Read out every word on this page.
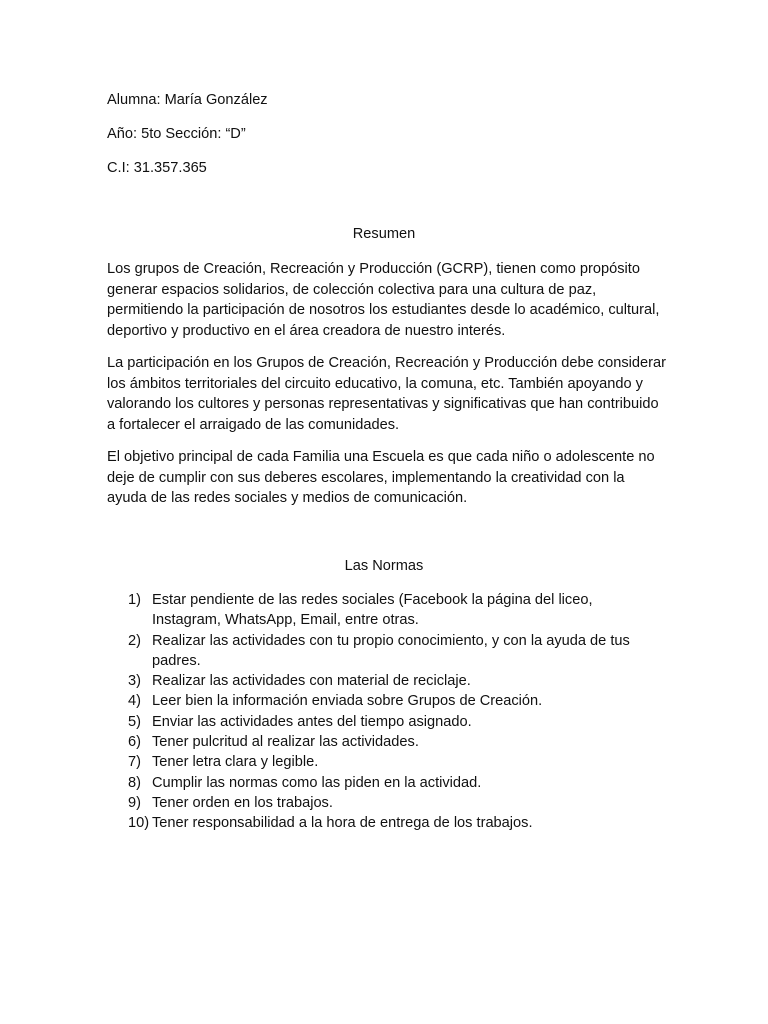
Alumna: María González
Año: 5to Sección: “D”
C.I: 31.357.365
Resumen
Los grupos de Creación, Recreación y Producción (GCRP), tienen como propósito generar espacios solidarios, de colección colectiva para una cultura de paz, permitiendo la participación de nosotros los estudiantes desde lo académico, cultural, deportivo y productivo en el área creadora de nuestro interés.
La participación en los Grupos de Creación, Recreación y Producción debe considerar los ámbitos territoriales del circuito educativo, la comuna, etc. También apoyando y valorando los cultores y personas representativas y significativas que han contribuido a fortalecer el arraigado de las comunidades.
El objetivo principal de cada Familia una Escuela es que cada niño o adolescente no deje de cumplir con sus deberes escolares, implementando la creatividad con la ayuda de las redes sociales y medios de comunicación.
Las Normas
1) Estar pendiente de las redes sociales (Facebook la página del liceo, Instagram, WhatsApp, Email, entre otras.
2) Realizar las actividades con tu propio conocimiento, y con la ayuda de tus padres.
3) Realizar las actividades con material de reciclaje.
4) Leer bien la información enviada sobre Grupos de Creación.
5) Enviar las actividades antes del tiempo asignado.
6) Tener pulcritud al realizar las actividades.
7) Tener letra clara y legible.
8) Cumplir las normas como las piden en la actividad.
9) Tener orden en los trabajos.
10) Tener responsabilidad a la hora de entrega de los trabajos.
